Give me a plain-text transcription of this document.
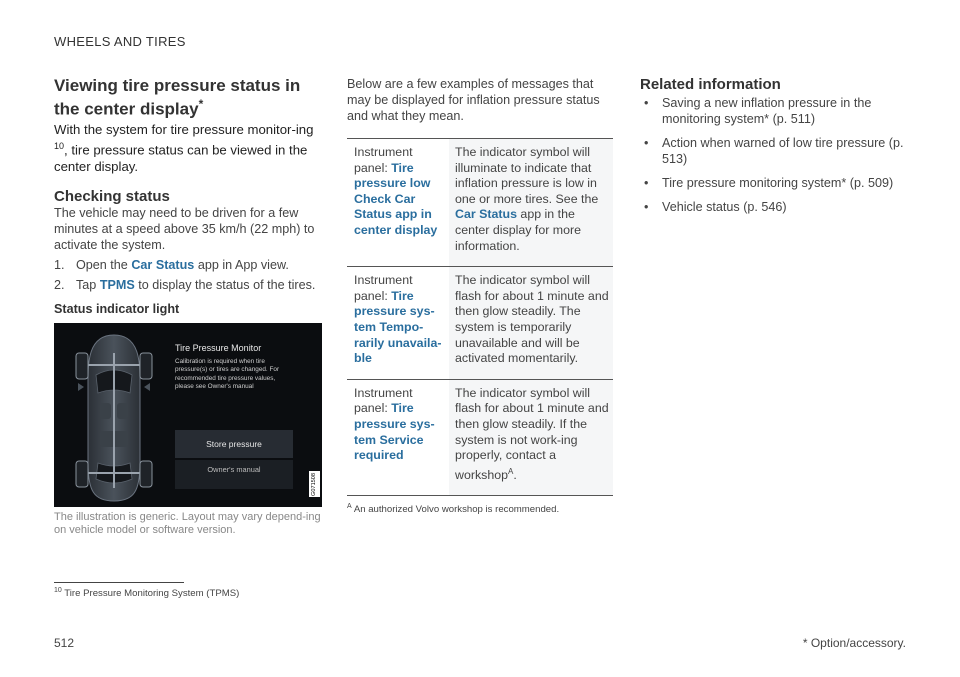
WHEELS AND TIRES
Viewing tire pressure status in the center display*

With the system for tire pressure monitor-ing $^{10}$, tire pressure status can be viewed in the center display.

Checking status

The vehicle may need to be driven for a few minutes at a speed above 35 km/h (22 mph) to activate the system.

1. Open the Car Status app in App view.
2. Tap TPMS to display the status of the tires.
Status indicator light
Tire Pressure Monitor
Calibration is required when tire pressure(s) or tires are changed. For recommended tire pressure values, please see Owner's manual
Store pressure
Owner's manual
G071508

The illustration is generic. Layout may vary depend-ing on vehicle model or software version.

Below are a few examples of messages that may be displayed for inflation pressure status and what they mean.

Instrument panel: Tire pressure low Check Car Status app in center display	The indicator symbol will illuminate to indicate that inflation pressure is low in one or more tires. See the Car Status app in the center display for more information.
Instrument panel: Tire pressure sys-tem Tempo-rarily unavaila-ble	The indicator symbol will flash for about 1 minute and then glow steadily. The system is temporarily unavailable and will be activated momentarily.
Instrument panel: Tire pressure sys-tem Service required	The indicator symbol will flash for about 1 minute and then glow steadily. If the system is not work-ing properly, contact a workshop$^A$.

$^A$ An authorized Volvo workshop is recommended.

Related information
• Saving a new inflation pressure in the monitoring system* (p. 511)
• Action when warned of low tire pressure (p. 513)
• Tire pressure monitoring system* (p. 509)
• Vehicle status (p. 546)
$^{10}$ Tire Pressure Monitoring System (TPMS)
512	* Option/accessory.
